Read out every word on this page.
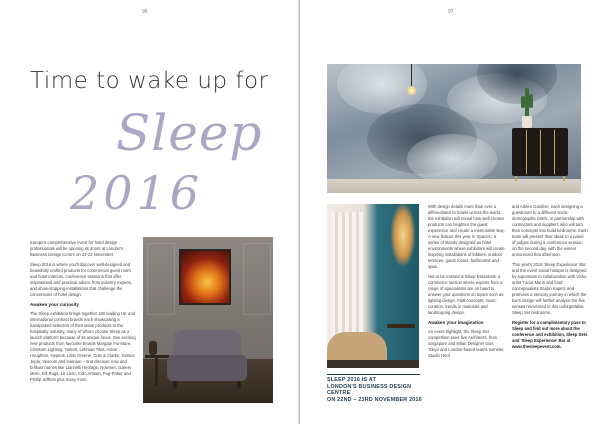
96
Time to wake up for
Sleep
2016

Europe's comprehensive event for hotel design professionals will be opening its doors at London's Business Design Centre on 22-23 November.

Sleep 2016 is where you'll discover well-designed and beautifully crafted products for commercial guest room and hotel interiors, conference sessions that offer inspirational and practical advice from industry experts, and show-stopping installations that challenge the conventions of hotel design.

Awaken your curiosity

The Sleep exhibition brings together 160 leading UK and international contract brands each showcasing a handpicked selection of their latest products to the hospitality industry, many of whom choose Sleep as a launch platform because of its unique focus. See exciting new products from favourite brands Margate Furniture, Chelsom Lighting, Tarkett, Lehman Tiles, Aston Houghton, Hypnos, Little Greene, Cole & Clarke, Gentor, Jepla, Vescom and Harnam – and discover new and brilliant names like Llannelli Heritage, Nowmer, Gallery More, Elli Rugs, Le Livre, Colo Artisan, Pug-Poker and Phillip Jeffries plus many more.

97
SLEEP 2016 IS AT
LONDON'S BUSINESS DESIGN CENTRE
ON 22ND – 23RD NOVEMBER 2016

With design details more than ever a differentiator to hotels across the world, the exhibition will reveal how well-chosen products can heighten the guest experience and create a memorable stay. A new feature this year is 'Spaces', a series of stands designed as hotel environments where exhibitors will create inspiring installations of lobbies, outdoor terraces, guest rooms, bathrooms and spas.

Not to be missed is Sleep Essentials, a commerce section where experts from a range of specialisms are on hand to answer your questions on topics such as lighting design, F&B concepts, music curation, trends in materials and landscaping design.

Awaken your imagination

An event highlight, the Sleep Set competition sees five Architects, from Singapore and Milan Designer trios Tokyo and London-based teams Gensler, Studio Hoof

and Adrien Gardère, each designing a guestroom to a different socio-demographic briefs, in partnership with contractors and suppliers who will turn their concepts into build bedrooms. Each team will present their ideas to a panel of judges during a conference session on the second day, with the winner announced that afternoon.

This year's 2016 'Sleep Experience' Bar and the event social hotspot is designed by superstars in collaboration with Vicko artist Tucos Marin and food conceptualists Studio Kapett, and promises a sensory journey in which the bar's design will further analyse the five senses reinvented in this unforgettable Sleep Set bedrooms.

Register for a complimentary pass to Sleep and find out more about the conference and exhibition, Sleep Sets and 'Sleep Experience' Bar at www.thesleepevent.com.
